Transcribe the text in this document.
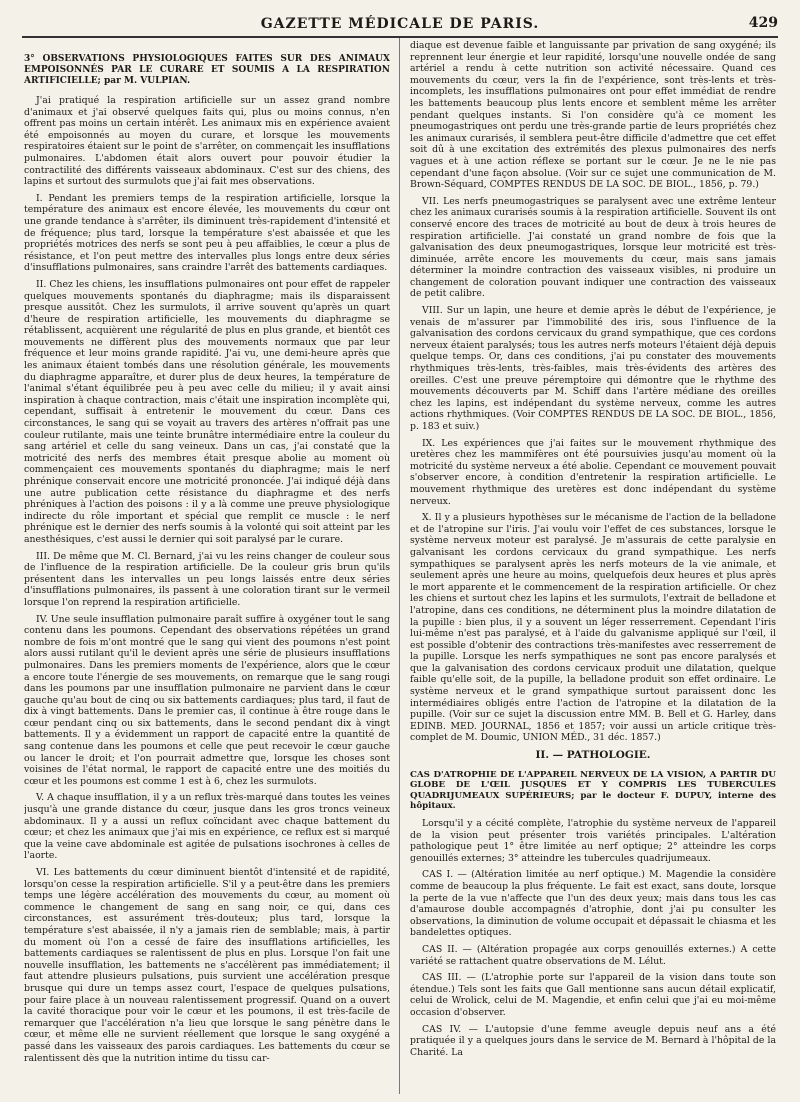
GAZETTE MÉDICALE DE PARIS.	429
3° OBSERVATIONS PHYSIOLOGIQUES FAITES SUR DES ANIMAUX EMPOISONNÉS PAR LE CURARE ET SOUMIS A LA RESPIRATION ARTIFICIELLE; par M. VULPIAN.

J'ai pratiqué la respiration artificielle sur un assez grand nombre d'animaux et j'ai observé quelques faits qui, plus ou moins connus, n'en offrent pas moins un certain intérêt. Les animaux mis en expérience avaient été empoisonnés au moyen du curare, et lorsque les mouvements respiratoires étaient sur le point de s'arrêter, on commençait les insufflations pulmonaires. L'abdomen était alors ouvert pour pouvoir étudier la contractilité des différents vaisseaux abdominaux. C'est sur des chiens, des lapins et surtout des surmulots que j'ai fait mes observations.

I. Pendant les premiers temps de la respiration artificielle, lorsque la température des animaux est encore élevée, les mouvements du cœur ont une grande tendance à s'arrêter, ils diminuent très-rapidement d'intensité et de fréquence; plus tard, lorsque la température s'est abaissée et que les propriétés motrices des nerfs se sont peu à peu affaiblies, le cœur a plus de résistance, et l'on peut mettre des intervalles plus longs entre deux séries d'insufflations pulmonaires, sans craindre l'arrêt des battements cardiaques.

II. Chez les chiens, les insufflations pulmonaires ont pour effet de rappeler quelques mouvements spontanés du diaphragme; mais ils disparaissent presque aussitôt. Chez les surmulots, il arrive souvent qu'après un quart d'heure de respiration artificielle, les mouvements du diaphragme se rétablissent, acquièrent une régularité de plus en plus grande, et bientôt ces mouvements ne diffèrent plus des mouvements normaux que par leur fréquence et leur moins grande rapidité. J'ai vu, une demi-heure après que les animaux étaient tombés dans une résolution générale, les mouvements du diaphragme apparaître, et durer plus de deux heures, la température de l'animal s'étant équilibrée peu à peu avec celle du milieu; il y avait ainsi inspiration à chaque contraction, mais c'était une inspiration incomplète qui, cependant, suffisait à entretenir le mouvement du cœur. Dans ces circonstances, le sang qui se voyait au travers des artères n'offrait pas une couleur rutilante, mais une teinte brunâtre intermédiaire entre la couleur du sang artériel et celle du sang veineux. Dans un cas, j'ai constaté que la motricité des nerfs des membres était presque abolie au moment où commençaient ces mouvements spontanés du diaphragme; mais le nerf phrénique conservait encore une motricité prononcée. J'ai indiqué déjà dans une autre publication cette résistance du diaphragme et des nerfs phréniques à l'action des poisons : il y a là comme une preuve physiologique indirecte du rôle important et spécial que remplit ce muscle : le nerf phrénique est le dernier des nerfs soumis à la volonté qui soit atteint par les anesthésiques, c'est aussi le dernier qui soit paralysé par le curare.

III. De même que M. Cl. Bernard, j'ai vu les reins changer de couleur sous de l'influence de la respiration artificielle. De la couleur gris brun qu'ils présentent dans les intervalles un peu longs laissés entre deux séries d'insufflations pulmonaires, ils passent à une coloration tirant sur le vermeil lorsque l'on reprend la respiration artificielle.

IV. Une seule insufflation pulmonaire paraît suffire à oxygéner tout le sang contenu dans les poumons. Cependant des observations répétées un grand nombre de fois m'ont montré que le sang qui vient des poumons n'est point alors aussi rutilant qu'il le devient après une série de plusieurs insufflations pulmonaires. Dans les premiers moments de l'expérience, alors que le cœur a encore toute l'énergie de ses mouvements, on remarque que le sang rougi dans les poumons par une insufflation pulmonaire ne parvient dans le cœur gauche qu'au bout de cinq ou six battements cardiaques; plus tard, il faut de dix à vingt battements. Dans le premier cas, il continue à être rouge dans le cœur pendant cinq ou six battements, dans le second pendant dix à vingt battements. Il y a évidemment un rapport de capacité entre la quantité de sang contenue dans les poumons et celle que peut recevoir le cœur gauche ou lancer le droit; et l'on pourrait admettre que, lorsque les choses sont voisines de l'état normal, le rapport de capacité entre une des moitiés du cœur et les poumons est comme 1 est à 6, chez les surmulots.

V. A chaque insufflation, il y a un reflux très-marqué dans toutes les veines jusqu'à une grande distance du cœur, jusque dans les gros troncs veineux abdominaux. Il y a aussi un reflux coïncidant avec chaque battement du cœur; et chez les animaux que j'ai mis en expérience, ce reflux est si marqué que la veine cave abdominale est agitée de pulsations isochrones à celles de l'aorte.

VI. Les battements du cœur diminuent bientôt d'intensité et de rapidité, lorsqu'on cesse la respiration artificielle. S'il y a peut-être dans les premiers temps une légère accélération des mouvements du cœur, au moment où commence le changement de sang en sang noir, ce qui, dans ces circonstances, est assurément très-douteux; plus tard, lorsque la température s'est abaissée, il n'y a jamais rien de semblable; mais, à partir du moment où l'on a cessé de faire des insufflations artificielles, les battements cardiaques se ralentissent de plus en plus. Lorsque l'on fait une nouvelle insufflation, les battements ne s'accélèrent pas immédiatement; il faut attendre plusieurs pulsations, puis survient une accélération presque brusque qui dure un temps assez court, l'espace de quelques pulsations, pour faire place à un nouveau ralentissement progressif. Quand on a ouvert la cavité thoracique pour voir le cœur et les poumons, il est très-facile de remarquer que l'accélération n'a lieu que lorsque le sang pénètre dans le cœur, et même elle ne survient réellement que lorsque le sang oxygéné a passé dans les vaisseaux des parois cardiaques. Les battements du cœur se ralentissent dès que la nutrition intime du tissu car-

diaque est devenue faible et languissante par privation de sang oxygéné; ils reprennent leur énergie et leur rapidité, lorsqu'une nouvelle ondée de sang artériel a rendu à cette nutrition son activité nécessaire. Quand ces mouvements du cœur, vers la fin de l'expérience, sont très-lents et très-incomplets, les insufflations pulmonaires ont pour effet immédiat de rendre les battements beaucoup plus lents encore et semblent même les arrêter pendant quelques instants. Si l'on considère qu'à ce moment les pneumogastriques ont perdu une très-grande partie de leurs propriétés chez les animaux curarisés, il semblera peut-être difficile d'admettre que cet effet soit dû à une excitation des extrémités des plexus pulmonaires des nerfs vagues et à une action réflexe se portant sur le cœur. Je ne le nie pas cependant d'une façon absolue. (Voir sur ce sujet une communication de M. Brown-Séquard, COMPTES RENDUS DE LA SOC. DE BIOL., 1856, p. 79.)

VII. Les nerfs pneumogastriques se paralysent avec une extrême lenteur chez les animaux curarisés soumis à la respiration artificielle. Souvent ils ont conservé encore des traces de motricité au bout de deux à trois heures de respiration artificielle. J'ai constaté un grand nombre de fois que la galvanisation des deux pneumogastriques, lorsque leur motricité est très-diminuée, arrête encore les mouvements du cœur, mais sans jamais déterminer la moindre contraction des vaisseaux visibles, ni produire un changement de coloration pouvant indiquer une contraction des vaisseaux de petit calibre.

VIII. Sur un lapin, une heure et demie après le début de l'expérience, je venais de m'assurer par l'immobilité des iris, sous l'influence de la galvanisation des cordons cervicaux du grand sympathique, que ces cordons nerveux étaient paralysés; tous les autres nerfs moteurs l'étaient déjà depuis quelque temps. Or, dans ces conditions, j'ai pu constater des mouvements rhythmiques très-lents, très-faibles, mais très-évidents des artères des oreilles. C'est une preuve péremptoire qui démontre que le rhythme des mouvements découverts par M. Schiff dans l'artère médiane des oreilles chez les lapins, est indépendant du système nerveux, comme les autres actions rhythmiques. (Voir COMPTES RENDUS DE LA SOC. DE BIOL., 1856, p. 183 et suiv.)

IX. Les expériences que j'ai faites sur le mouvement rhythmique des uretères chez les mammifères ont été poursuivies jusqu'au moment où la motricité du système nerveux a été abolie. Cependant ce mouvement pouvait s'observer encore, à condition d'entretenir la respiration artificielle. Le mouvement rhythmique des uretères est donc indépendant du système nerveux.

X. Il y a plusieurs hypothèses sur le mécanisme de l'action de la belladone et de l'atropine sur l'iris. J'ai voulu voir l'effet de ces substances, lorsque le système nerveux moteur est paralysé. Je m'assurais de cette paralysie en galvanisant les cordons cervicaux du grand sympathique. Les nerfs sympathiques se paralysent après les nerfs moteurs de la vie animale, et seulement après une heure au moins, quelquefois deux heures et plus après le mort apparente et le commencement de la respiration artificielle. Or chez les chiens et surtout chez les lapins et les surmulots, l'extrait de belladone et l'atropine, dans ces conditions, ne déterminent plus la moindre dilatation de la pupille : bien plus, il y a souvent un léger resserrement. Cependant l'iris lui-même n'est pas paralysé, et à l'aide du galvanisme appliqué sur l'œil, il est possible d'obtenir des contractions très-manifestes avec resserrement de la pupille. Lorsque les nerfs sympathiques ne sont pas encore paralysés et que la galvanisation des cordons cervicaux produit une dilatation, quelque faible qu'elle soit, de la pupille, la belladone produit son effet ordinaire. Le système nerveux et le grand sympathique surtout paraissent donc les intermédiaires obligés entre l'action de l'atropine et la dilatation de la pupille. (Voir sur ce sujet la discussion entre MM. B. Bell et G. Harley, dans EDINB. MED. JOURNAL, 1856 et 1857; voir aussi un article critique très-complet de M. Doumic, UNION MÉD., 31 déc. 1857.)

II. — PATHOLOGIE.
CAS D'ATROPHIE DE L'APPAREIL NERVEUX DE LA VISION, A PARTIR DU GLOBE DE L'ŒIL JUSQUES ET Y COMPRIS LES TUBERCULES QUADRIJUMEAUX SUPÉRIEURS; par le docteur F. DUPUY, interne des hôpitaux.

Lorsqu'il y a cécité complète, l'atrophie du système nerveux de l'appareil de la vision peut présenter trois variétés principales. L'altération pathologique peut 1° être limitée au nerf optique; 2° atteindre les corps genouillés externes; 3° atteindre les tubercules quadrijumeaux.

CAS I. — (Altération limitée au nerf optique.) M. Magendie la considère comme de beaucoup la plus fréquente. Le fait est exact, sans doute, lorsque la perte de la vue n'affecte que l'un des deux yeux; mais dans tous les cas d'amaurose double accompagnés d'atrophie, dont j'ai pu consulter les observations, la diminution de volume occupait et dépassait le chiasma et les bandelettes optiques.

CAS II. — (Altération propagée aux corps genouillés externes.) A cette variété se rattachent quatre observations de M. Lélut.

CAS III. — (L'atrophie porte sur l'appareil de la vision dans toute son étendue.) Tels sont les faits que Gall mentionne sans aucun détail explicatif, celui de Wrolick, celui de M. Magendie, et enfin celui que j'ai eu moi-même occasion d'observer.

CAS IV. — L'autopsie d'une femme aveugle depuis neuf ans a été pratiquée il y a quelques jours dans le service de M. Bernard à l'hôpital de la Charité. La
